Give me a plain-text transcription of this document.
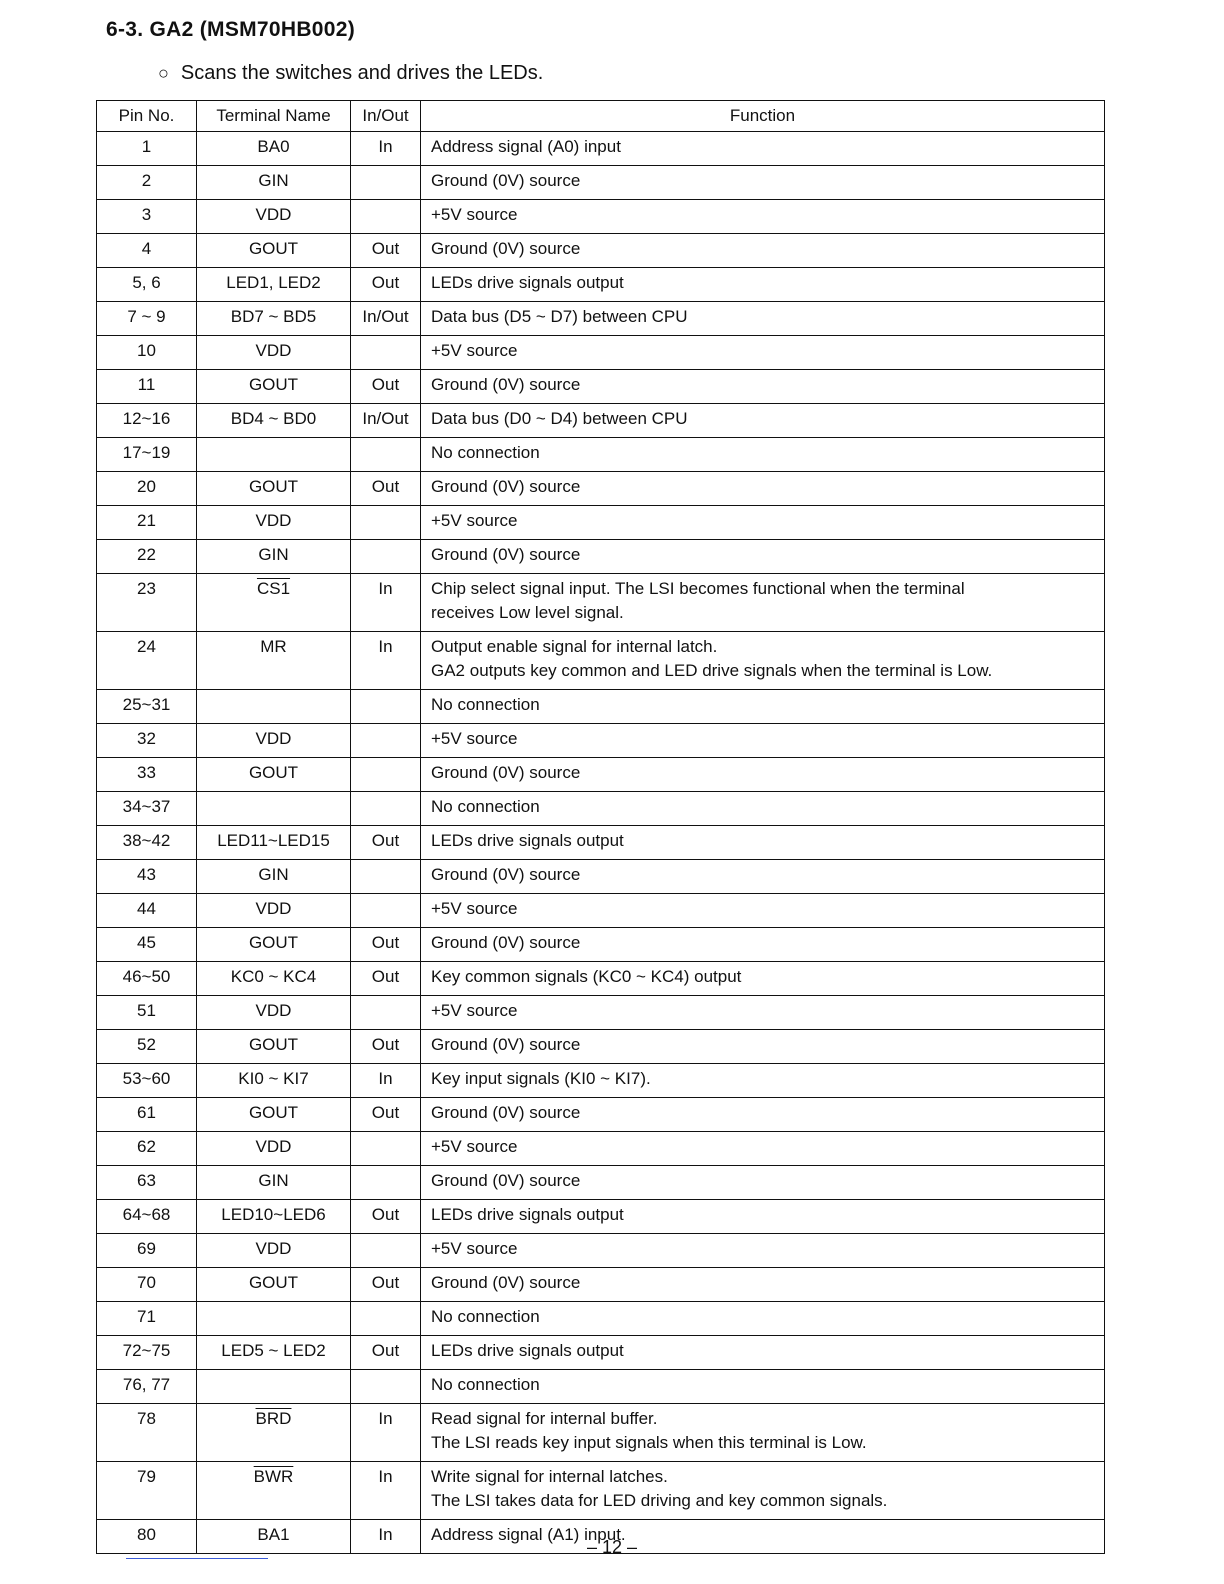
6-3. GA2 (MSM70HB002)
○ Scans the switches and drives the LEDs.
Pin No.	Terminal Name	In/Out	Function
1	BA0	In	Address signal (A0) input

2	GIN		Ground (0V) source

3	VDD		+5V source

4	GOUT	Out	Ground (0V) source

5, 6	LED1, LED2	Out	LEDs drive signals output

7 ~ 9	BD7 ~ BD5	In/Out	Data bus (D5 ~ D7) between CPU

10	VDD		+5V source

11	GOUT	Out	Ground (0V) source

12~16	BD4 ~ BD0	In/Out	Data bus (D0 ~ D4) between CPU

17~19			No connection

20	GOUT	Out	Ground (0V) source

21	VDD		+5V source

22	GIN		Ground (0V) source

23	CS1	In	Chip select signal input. The LSI becomes functional when the terminal
receives Low level signal.

24	MR	In	Output enable signal for internal latch.
GA2 outputs key common and LED drive signals when the terminal is Low.

25~31			No connection

32	VDD		+5V source

33	GOUT		Ground (0V) source

34~37			No connection

38~42	LED11~LED15	Out	LEDs drive signals output

43	GIN		Ground (0V) source

44	VDD		+5V source

45	GOUT	Out	Ground (0V) source

46~50	KC0 ~ KC4	Out	Key common signals (KC0 ~ KC4) output

51	VDD		+5V source

52	GOUT	Out	Ground (0V) source

53~60	KI0 ~ KI7	In	Key input signals (KI0 ~ KI7).

61	GOUT	Out	Ground (0V) source

62	VDD		+5V source

63	GIN		Ground (0V) source

64~68	LED10~LED6	Out	LEDs drive signals output

69	VDD		+5V source

70	GOUT	Out	Ground (0V) source

71			No connection

72~75	LED5 ~ LED2	Out	LEDs drive signals output

76, 77			No connection

78	$\overline{BRD}$	In	Read signal for internal buffer.
The LSI reads key input signals when this terminal is Low.

79	$\overline{BWR}$	In	Write signal for internal latches.
The LSI takes data for LED driving and key common signals.

80	BA1	In	Address signal (A1) input.
– 12 –
